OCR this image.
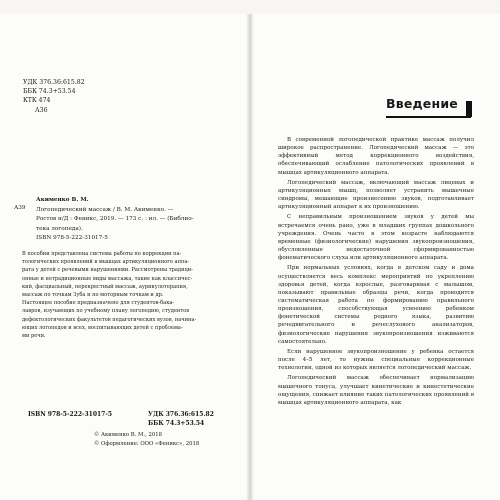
УДК 376.36:615.82
ББК 74.3+53.54
КТК 474
А36
А39
Акименко В. М.
Логопедический массаж / В. М. Акименко. —
Ростов н/Д : Феникс, 2019. — 173 с. : ил. — (Библио-
тека логопеда).
ISBN 978-5-222-31017-5
В пособии представлена система работы по коррекции па-
тологических проявлений в мышцах артикуляционного аппа-
рата у детей с речевыми нарушениями. Рассмотрены традици-
онные и нетрадиционные виды массажа, такие как классичес-
кий, фасциальный, перекрестный массаж, аурикулотерапия,
массаж по точкам Зуба и по моторным точкам и др.
Настоящее пособие предназначено для студентов-бака-
лавров, изучающих по учебному плану логопедию, студентов
дефектологических факультетов педагогических вузов, начина-
ющих логопедов и всех, воспитывающих детей с проблема-
ми речи.
ISBN 978-5-222-31017-5	УДК 376.36:615.82
ББК 74.3+53.54
© Акименко В. М., 2018
© Оформление: ООО «Феникс», 2018
Введение

В современной логопедической практике массаж получил широкое распространение. Логопедический массаж — это эффективный метод коррекционного воздействия, обеспечивающий ослабление патологических проявлений в мышцах артикуляционного аппарата.

Логопедический массаж, включающий массаж лицевых и артикуляционных мышц, позволяет устранить мышечные синдромы, мешающие произнесению звуков, подготавливает артикуляционный аппарат к их произношению.

С неправильным произношением звуков у детей мы встречаемся очень рано, уже в младших группах дошкольного учреждения. Очень часто в этом возрасте наблюдаются временные (физиологические) нарушения звукопроизношения, обусловленные недостаточной сформированностью фонематического слуха или артикуляционного аппарата.

При нормальных условиях, когда в детском саду и дома осуществляется весь комплекс мероприятий по укреплению здоровья детей, когда взрослые, разговаривая с малышом, показывают правильные образцы речи, когда проводится систематическая работа по формированию правильного произношения, способствующая усвоению ребенком фонетической системы родного языка, развитию речедвигательного и речеслухового анализаторов, физиологические нарушения звукопроизношения изживаются самостоятельно.

Если нарушенное звукопроизношение у ребенка остается после 4–5 лет, то нужны специальные коррекционные технологии, одной из которых является логопедический массаж.

Логопедический массаж обеспечивает нормализацию мышечного тонуса, улучшает кинетические и кинестетические ощущения, снижает влияние таких патологических проявлений в мышцах артикуляционного аппарата, как
